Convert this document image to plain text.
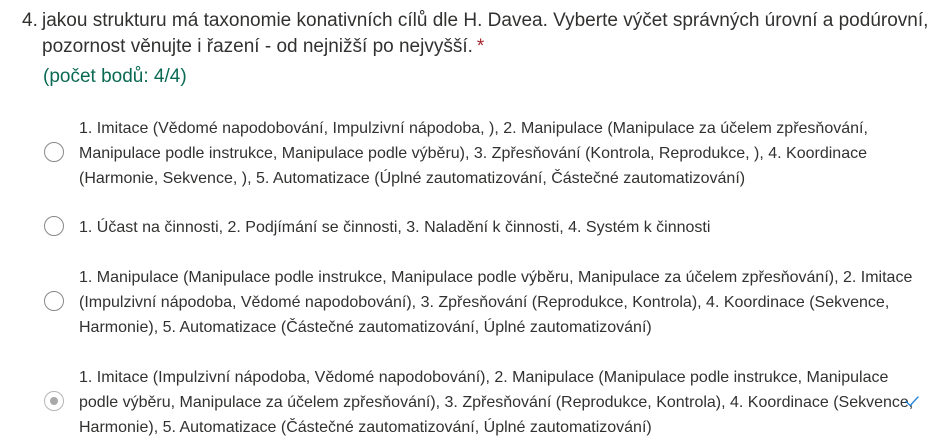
4. jakou strukturu má taxonomie konativních cílů dle H. Davea. Vyberte výčet správných úrovní a podúrovní, pozornost věnujte i řazení - od nejnižší po nejvyšší. *
(počet bodů: 4/4)
1. Imitace (Vědomé napodobování, Impulzivní nápodoba, ), 2. Manipulace (Manipulace za účelem zpřesňování, Manipulace podle instrukce, Manipulace podle výběru), 3. Zpřesňování (Kontrola, Reprodukce, ), 4. Koordinace (Harmonie, Sekvence, ), 5. Automatizace (Úplné zautomatizování, Částečné zautomatizování)
1. Účast na činnosti, 2. Podjímání se činnosti, 3. Naladění k činnosti, 4. Systém k činnosti
1. Manipulace (Manipulace podle instrukce, Manipulace podle výběru, Manipulace za účelem zpřesňování), 2. Imitace (Impulzivní nápodoba, Vědomé napodobování), 3. Zpřesňování (Reprodukce, Kontrola), 4. Koordinace (Sekvence, Harmonie), 5. Automatizace (Částečné zautomatizování, Úplné zautomatizování)
1. Imitace (Impulzivní nápodoba, Vědomé napodobování), 2. Manipulace (Manipulace podle instrukce, Manipulace podle výběru, Manipulace za účelem zpřesňování), 3. Zpřesňování (Reprodukce, Kontrola), 4. Koordinace (Sekvence, Harmonie), 5. Automatizace (Částečné zautomatizování, Úplné zautomatizování)
